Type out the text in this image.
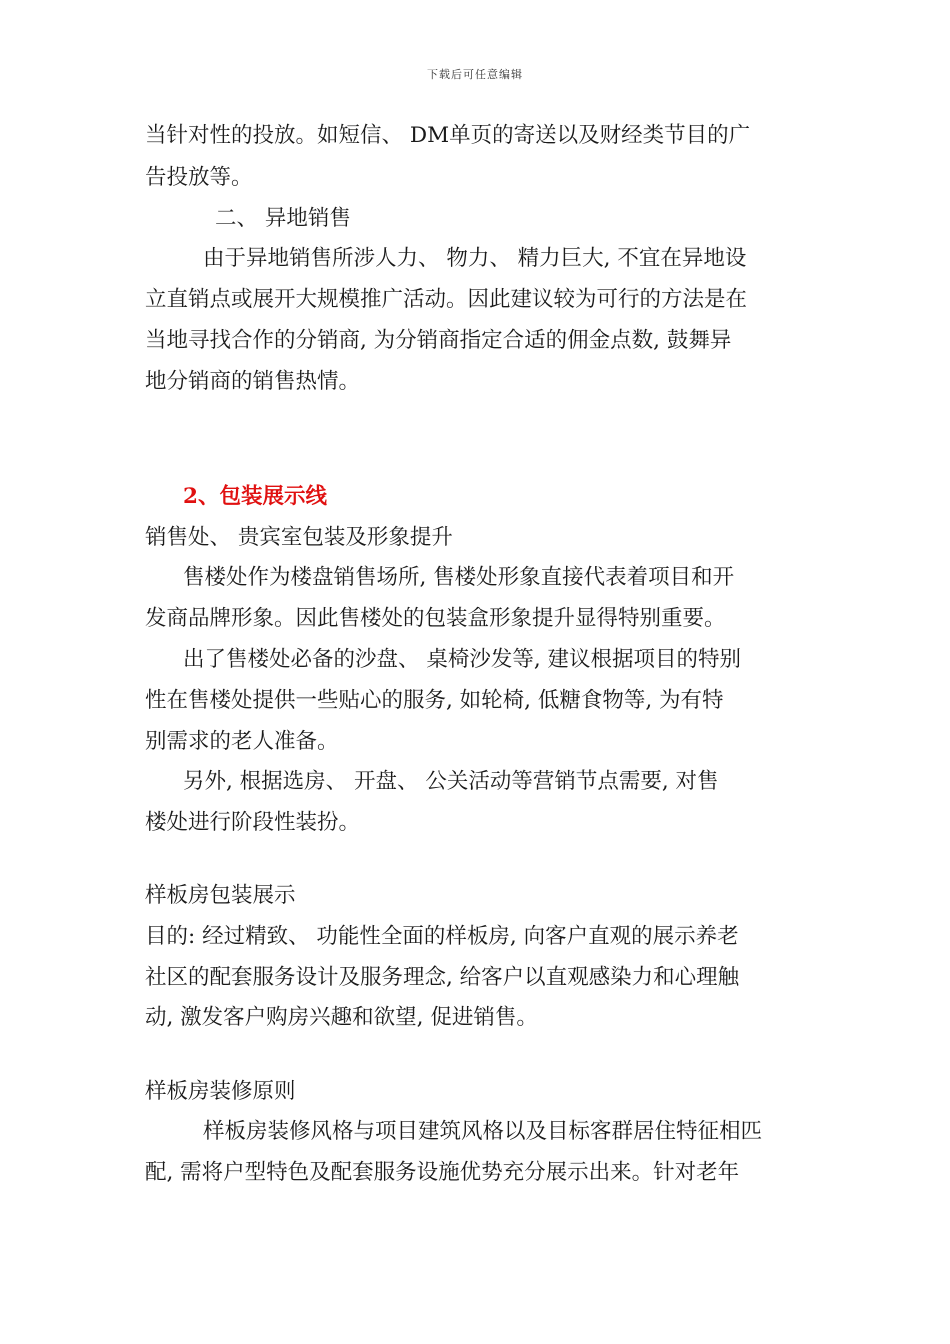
下载后可任意编辑
当针对性的投放。如短信、 DM单页的寄送以及财经类节目的广
告投放等。
二、 异地销售
由于异地销售所涉人力、 物力、 精力巨大, 不宜在异地设
立直销点或展开大规模推广活动。因此建议较为可行的方法是在
当地寻找合作的分销商, 为分销商指定合适的佣金点数, 鼓舞异
地分销商的销售热情。
2、包装展示线
销售处、 贵宾室包装及形象提升
售楼处作为楼盘销售场所, 售楼处形象直接代表着项目和开
发商品牌形象。因此售楼处的包装盒形象提升显得特别重要。
出了售楼处必备的沙盘、 桌椅沙发等, 建议根据项目的特别
性在售楼处提供一些贴心的服务, 如轮椅, 低糖食物等, 为有特
别需求的老人准备。
另外, 根据选房、 开盘、 公关活动等营销节点需要, 对售
楼处进行阶段性装扮。
样板房包装展示
目的: 经过精致、 功能性全面的样板房, 向客户直观的展示养老
社区的配套服务设计及服务理念, 给客户以直观感染力和心理触
动, 激发客户购房兴趣和欲望, 促进销售。
样板房装修原则
样板房装修风格与项目建筑风格以及目标客群居住特征相匹
配, 需将户型特色及配套服务设施优势充分展示出来。针对老年
